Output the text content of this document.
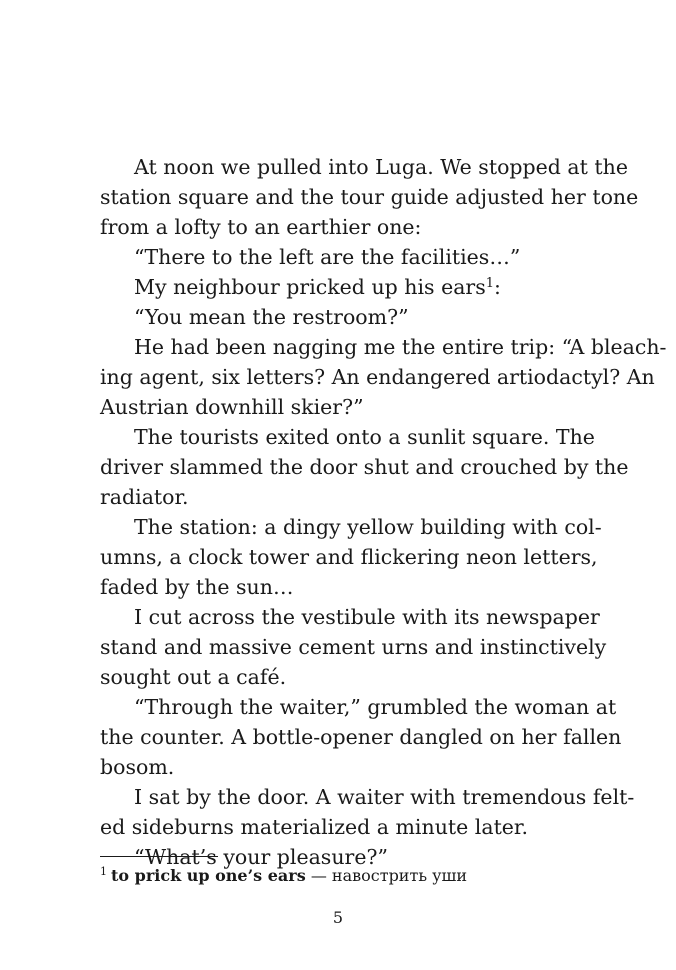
At noon we pulled into Luga. We stopped at the
station square and the tour guide adjusted her tone
from a lofty to an earthier one:
“There to the left are the facilities…”
My neighbour pricked up his ears$^1$:
“You mean the restroom?”
He had been nagging me the entire trip: “A bleach-
ing agent, six letters? An endangered artiodactyl? An
Austrian downhill skier?”
The tourists exited onto a sunlit square. The
driver slammed the door shut and crouched by the
radiator.
The station: a dingy yellow building with col-
umns, a clock tower and flickering neon letters,
faded by the sun…
I cut across the vestibule with its newspaper
stand and massive cement urns and instinctively
sought out a café.
“Through the waiter,” grumbled the woman at
the counter. A bottle-opener dangled on her fallen
bosom.
I sat by the door. A waiter with tremendous felt-
ed sideburns materialized a minute later.
“What’s your pleasure?”
$^1$ to prick up one’s ears — навострить уши
5
